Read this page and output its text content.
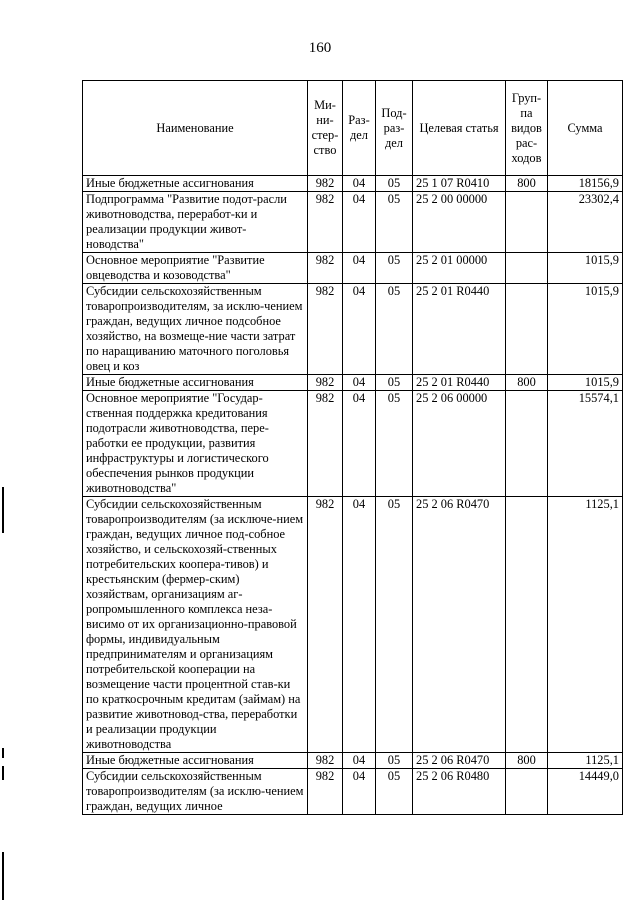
160
Наименование	Ми-ни-стер-ство	Раз-дел	Под-раз-дел	Целевая статья	Груп-па видов рас-ходов	Сумма
Иные бюджетные ассигнования	982	04	05	25 1 07 R0410	800	18156,9
Подпрограмма "Развитие подот-расли животноводства, переработ-ки и реализации продукции живот-новодства"	982	04	05	25 2 00 00000		23302,4
Основное мероприятие "Развитие овцеводства и козоводства"	982	04	05	25 2 01 00000		1015,9
Субсидии сельскохозяйственным товаропроизводителям, за исклю-чением граждан, ведущих личное подсобное хозяйство, на возмеще-ние части затрат по наращиванию маточного поголовья овец и коз	982	04	05	25 2 01 R0440		1015,9
Иные бюджетные ассигнования	982	04	05	25 2 01 R0440	800	1015,9
Основное мероприятие "Государ-ственная поддержка кредитования подотрасли животноводства, пере-работки ее продукции, развития инфраструктуры и логистического обеспечения рынков продукции животноводства"	982	04	05	25 2 06 00000		15574,1
Субсидии сельскохозяйственным товаропроизводителям (за исключе-нием граждан, ведущих личное под-собное хозяйство, и сельскохозяй-ственных потребительских коопера-тивов) и крестьянским (фермер-ским) хозяйствам, организациям аг-ропромышленного комплекса неза-висимо от их организационно-правовой формы, индивидуальным предпринимателям и организациям потребительской кооперации на возмещение части процентной став-ки по краткосрочным кредитам (займам) на развитие животновод-ства, переработки и реализации продукции животноводства	982	04	05	25 2 06 R0470		1125,1
Иные бюджетные ассигнования	982	04	05	25 2 06 R0470	800	1125,1
Субсидии сельскохозяйственным товаропроизводителям (за исклю-чением граждан, ведущих личное	982	04	05	25 2 06 R0480		14449,0
